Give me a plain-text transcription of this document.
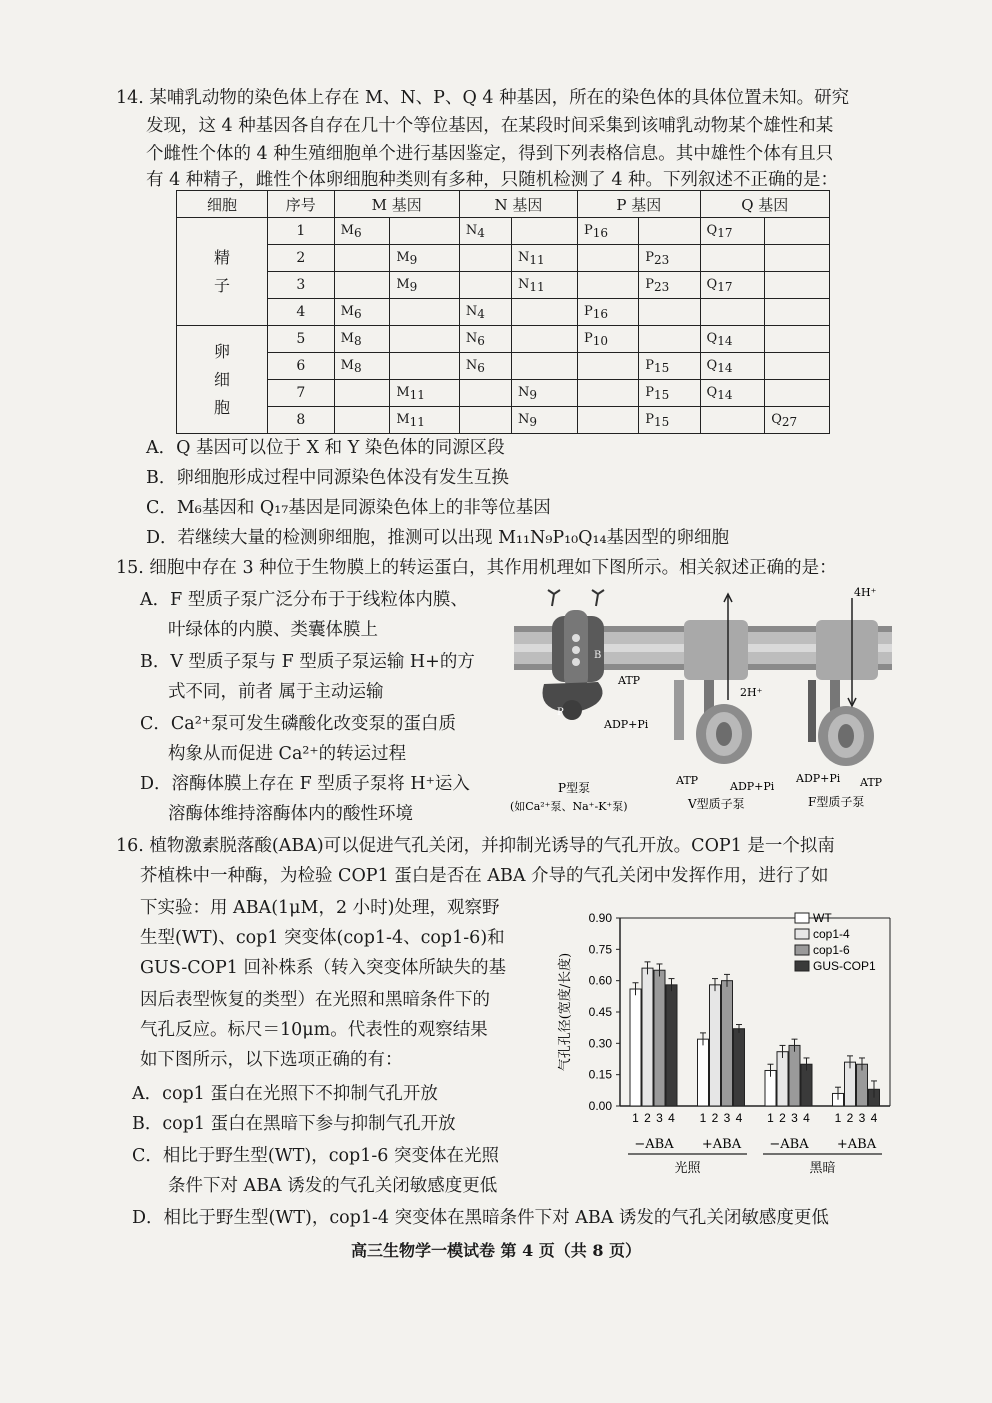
14. 某哺乳动物的染色体上存在 M、N、P、Q 4 种基因，所在的染色体的具体位置未知。研究
发现，这 4 种基因各自存在几十个等位基因，在某段时间采集到该哺乳动物某个雄性和某
个雌性个体的 4 种生殖细胞单个进行基因鉴定，得到下列表格信息。其中雄性个体有且只
有 4 种精子，雌性个体卵细胞种类则有多种，只随机检测了 4 种。下列叙述不正确的是：
细胞	序号	M 基因		N 基因		P 基因		Q 基因	
精
子	1	M6		N4		P16		Q17	
	2		M9		N11		P23		
	3		M9		N11		P23	Q17	
	4	M6		N4		P16			
卵
细
胞	5	M8		N6		P10		Q14	
	6	M8		N6			P15	Q14	
	7		M11		N9		P15	Q14	
	8		M11		N9		P15		Q27
A．Q 基因可以位于 X 和 Y 染色体的同源区段
B．卵细胞形成过程中同源染色体没有发生互换
C．M₆基因和 Q₁₇基因是同源染色体上的非等位基因
D．若继续大量的检测卵细胞，推测可以出现 M₁₁N₉P₁₀Q₁₄基因型的卵细胞
15. 细胞中存在 3 种位于生物膜上的转运蛋白，其作用机理如下图所示。相关叙述正确的是：
A．F 型质子泵广泛分布于于线粒体内膜、
叶绿体的内膜、类囊体膜上
B．V 型质子泵与 F 型质子泵运输 H+的方
式不同，前者 属于主动运输
C．Ca²⁺泵可发生磷酸化改变泵的蛋白质
构象从而促进 Ca²⁺的转运过程
D．溶酶体膜上存在 F 型质子泵将 H⁺运入
溶酶体维持溶酶体内的酸性环境
B
P
ATP
ADP+Pi
2H⁺
ATP	ADP+Pi
4H⁺
ADP+Pi ATP
P型泵
(如Ca²⁺泵、Na⁺-K⁺泵)	V型质子泵	F型质子泵
16. 植物激素脱落酸(ABA)可以促进气孔关闭，并抑制光诱导的气孔开放。COP1 是一个拟南
芥植株中一种酶，为检验 COP1 蛋白是否在 ABA 介导的气孔关闭中发挥作用，进行了如
下实验：用 ABA(1μM，2 小时)处理，观察野
生型(WT)、cop1 突变体(cop1-4、cop1-6)和
GUS-COP1 回补株系（转入突变体所缺失的基
因后表型恢复的类型）在光照和黑暗条件下的
气孔反应。标尺＝10μm。代表性的观察结果
如下图所示，以下选项正确的有：
A．cop1 蛋白在光照下不抑制气孔开放
B．cop1 蛋白在黑暗下参与抑制气孔开放
C．相比于野生型(WT)，cop1-6 突变体在光照
条件下对 ABA 诱发的气孔关闭敏感度更低
D．相比于野生型(WT)，cop1-4 突变体在黑暗条件下对 ABA 诱发的气孔关闭敏感度更低
0.00
0.15
0.30
0.45
0.60
0.75
0.90
气孔孔径(宽度/长度)
−ABA +ABA −ABA +ABA
光照	黑暗
1 2 3 4 1 2 3 4 1 2 3 4 1 2 3 4
WT
cop1-4
cop1-6
GUS-COP1
高三生物学一模试卷 第 4 页（共 8 页）
